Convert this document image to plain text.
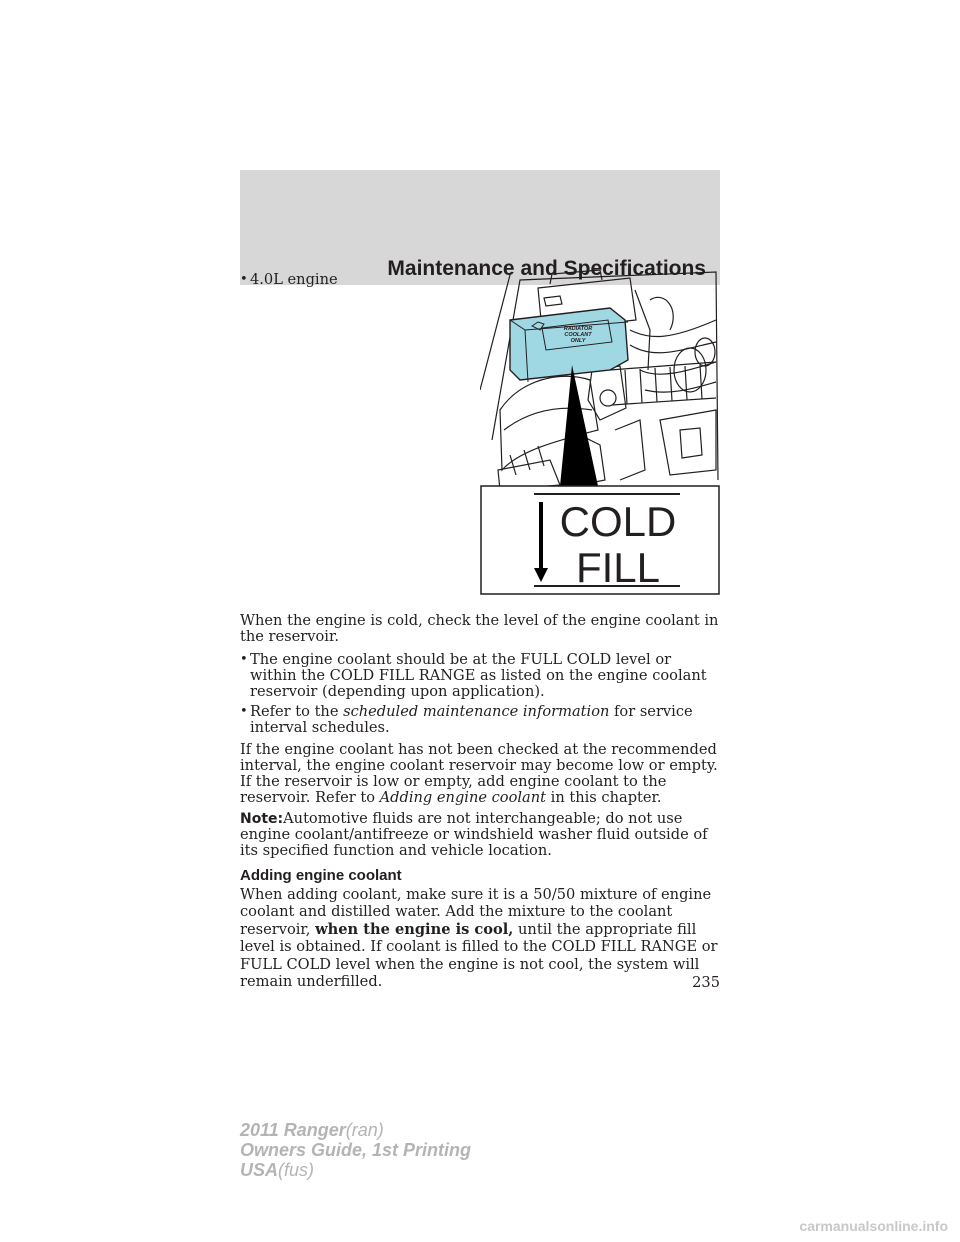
Maintenance and Specifications
• 4.0L engine
RADIATOR
COOLANT
ONLY
COLD
FILL
When the engine is cold, check the level of the engine coolant in the reservoir.
• The engine coolant should be at the FULL COLD level or within the COLD FILL RANGE as listed on the engine coolant reservoir (depending upon application).
• Refer to the scheduled maintenance information for service interval schedules.
If the engine coolant has not been checked at the recommended interval, the engine coolant reservoir may become low or empty. If the reservoir is low or empty, add engine coolant to the reservoir. Refer to Adding engine coolant in this chapter.
Note:Automotive fluids are not interchangeable; do not use engine coolant/antifreeze or windshield washer fluid outside of its specified function and vehicle location.
Adding engine coolant
When adding coolant, make sure it is a 50/50 mixture of engine coolant and distilled water. Add the mixture to the coolant reservoir, when the engine is cool, until the appropriate fill level is obtained. If coolant is filled to the COLD FILL RANGE or FULL COLD level when the engine is not cool, the system will remain underfilled.	235
2011 Ranger(ran)
Owners Guide, 1st Printing
USA(fus)
carmanualsonline.info
